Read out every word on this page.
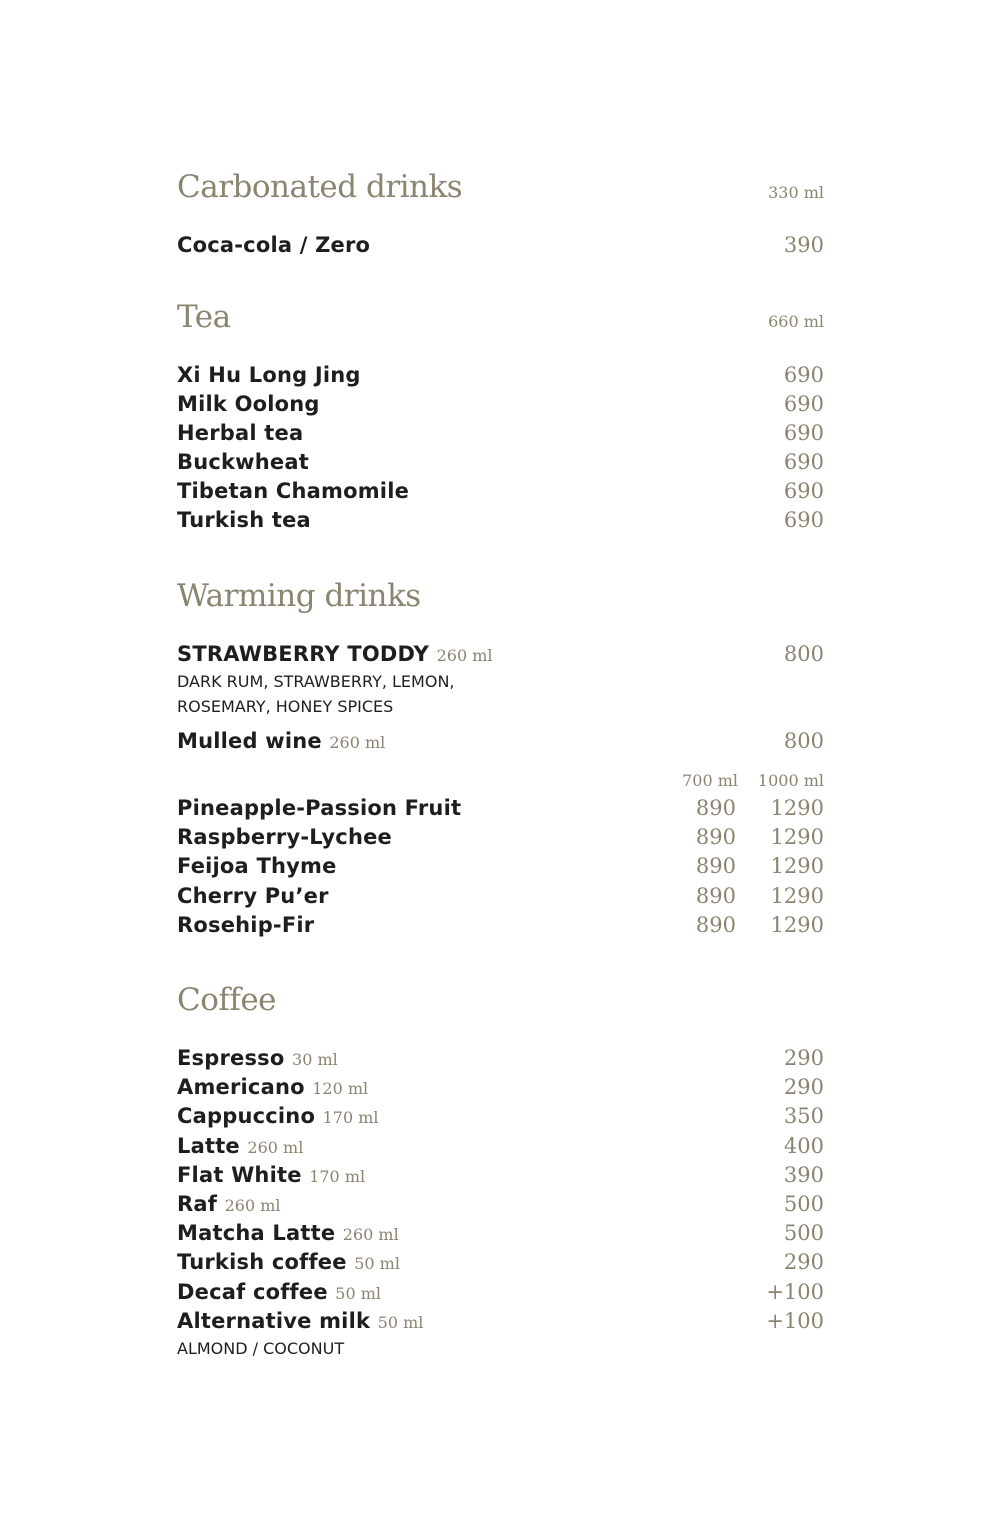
Carbonated drinks	330 ml
Coca-cola / Zero	390
Tea	660 ml
Xi Hu Long Jing	690
Milk Oolong	690
Herbal tea	690
Buckwheat	690
Tibetan Chamomile	690
Turkish tea	690
Warming drinks
STRAWBERRY TODDY 260 ml	800
DARK RUM, STRAWBERRY, LEMON,
ROSEMARY, HONEY SPICES
Mulled wine 260 ml	800
700 ml 1000 ml
Pineapple-Passion Fruit	890 1290
Raspberry-Lychee	890 1290
Feijoa Thyme	890 1290
Cherry Pu’er	890 1290
Rosehip-Fir	890 1290
Coffee
Espresso 30 ml	290
Americano 120 ml	290
Cappuccino 170 ml	350
Latte 260 ml	400
Flat White 170 ml	390
Raf 260 ml	500
Matcha Latte 260 ml	500
Turkish coffee 50 ml	290
Decaf coffee 50 ml	+100
Alternative milk 50 ml	+100
ALMOND / COCONUT
